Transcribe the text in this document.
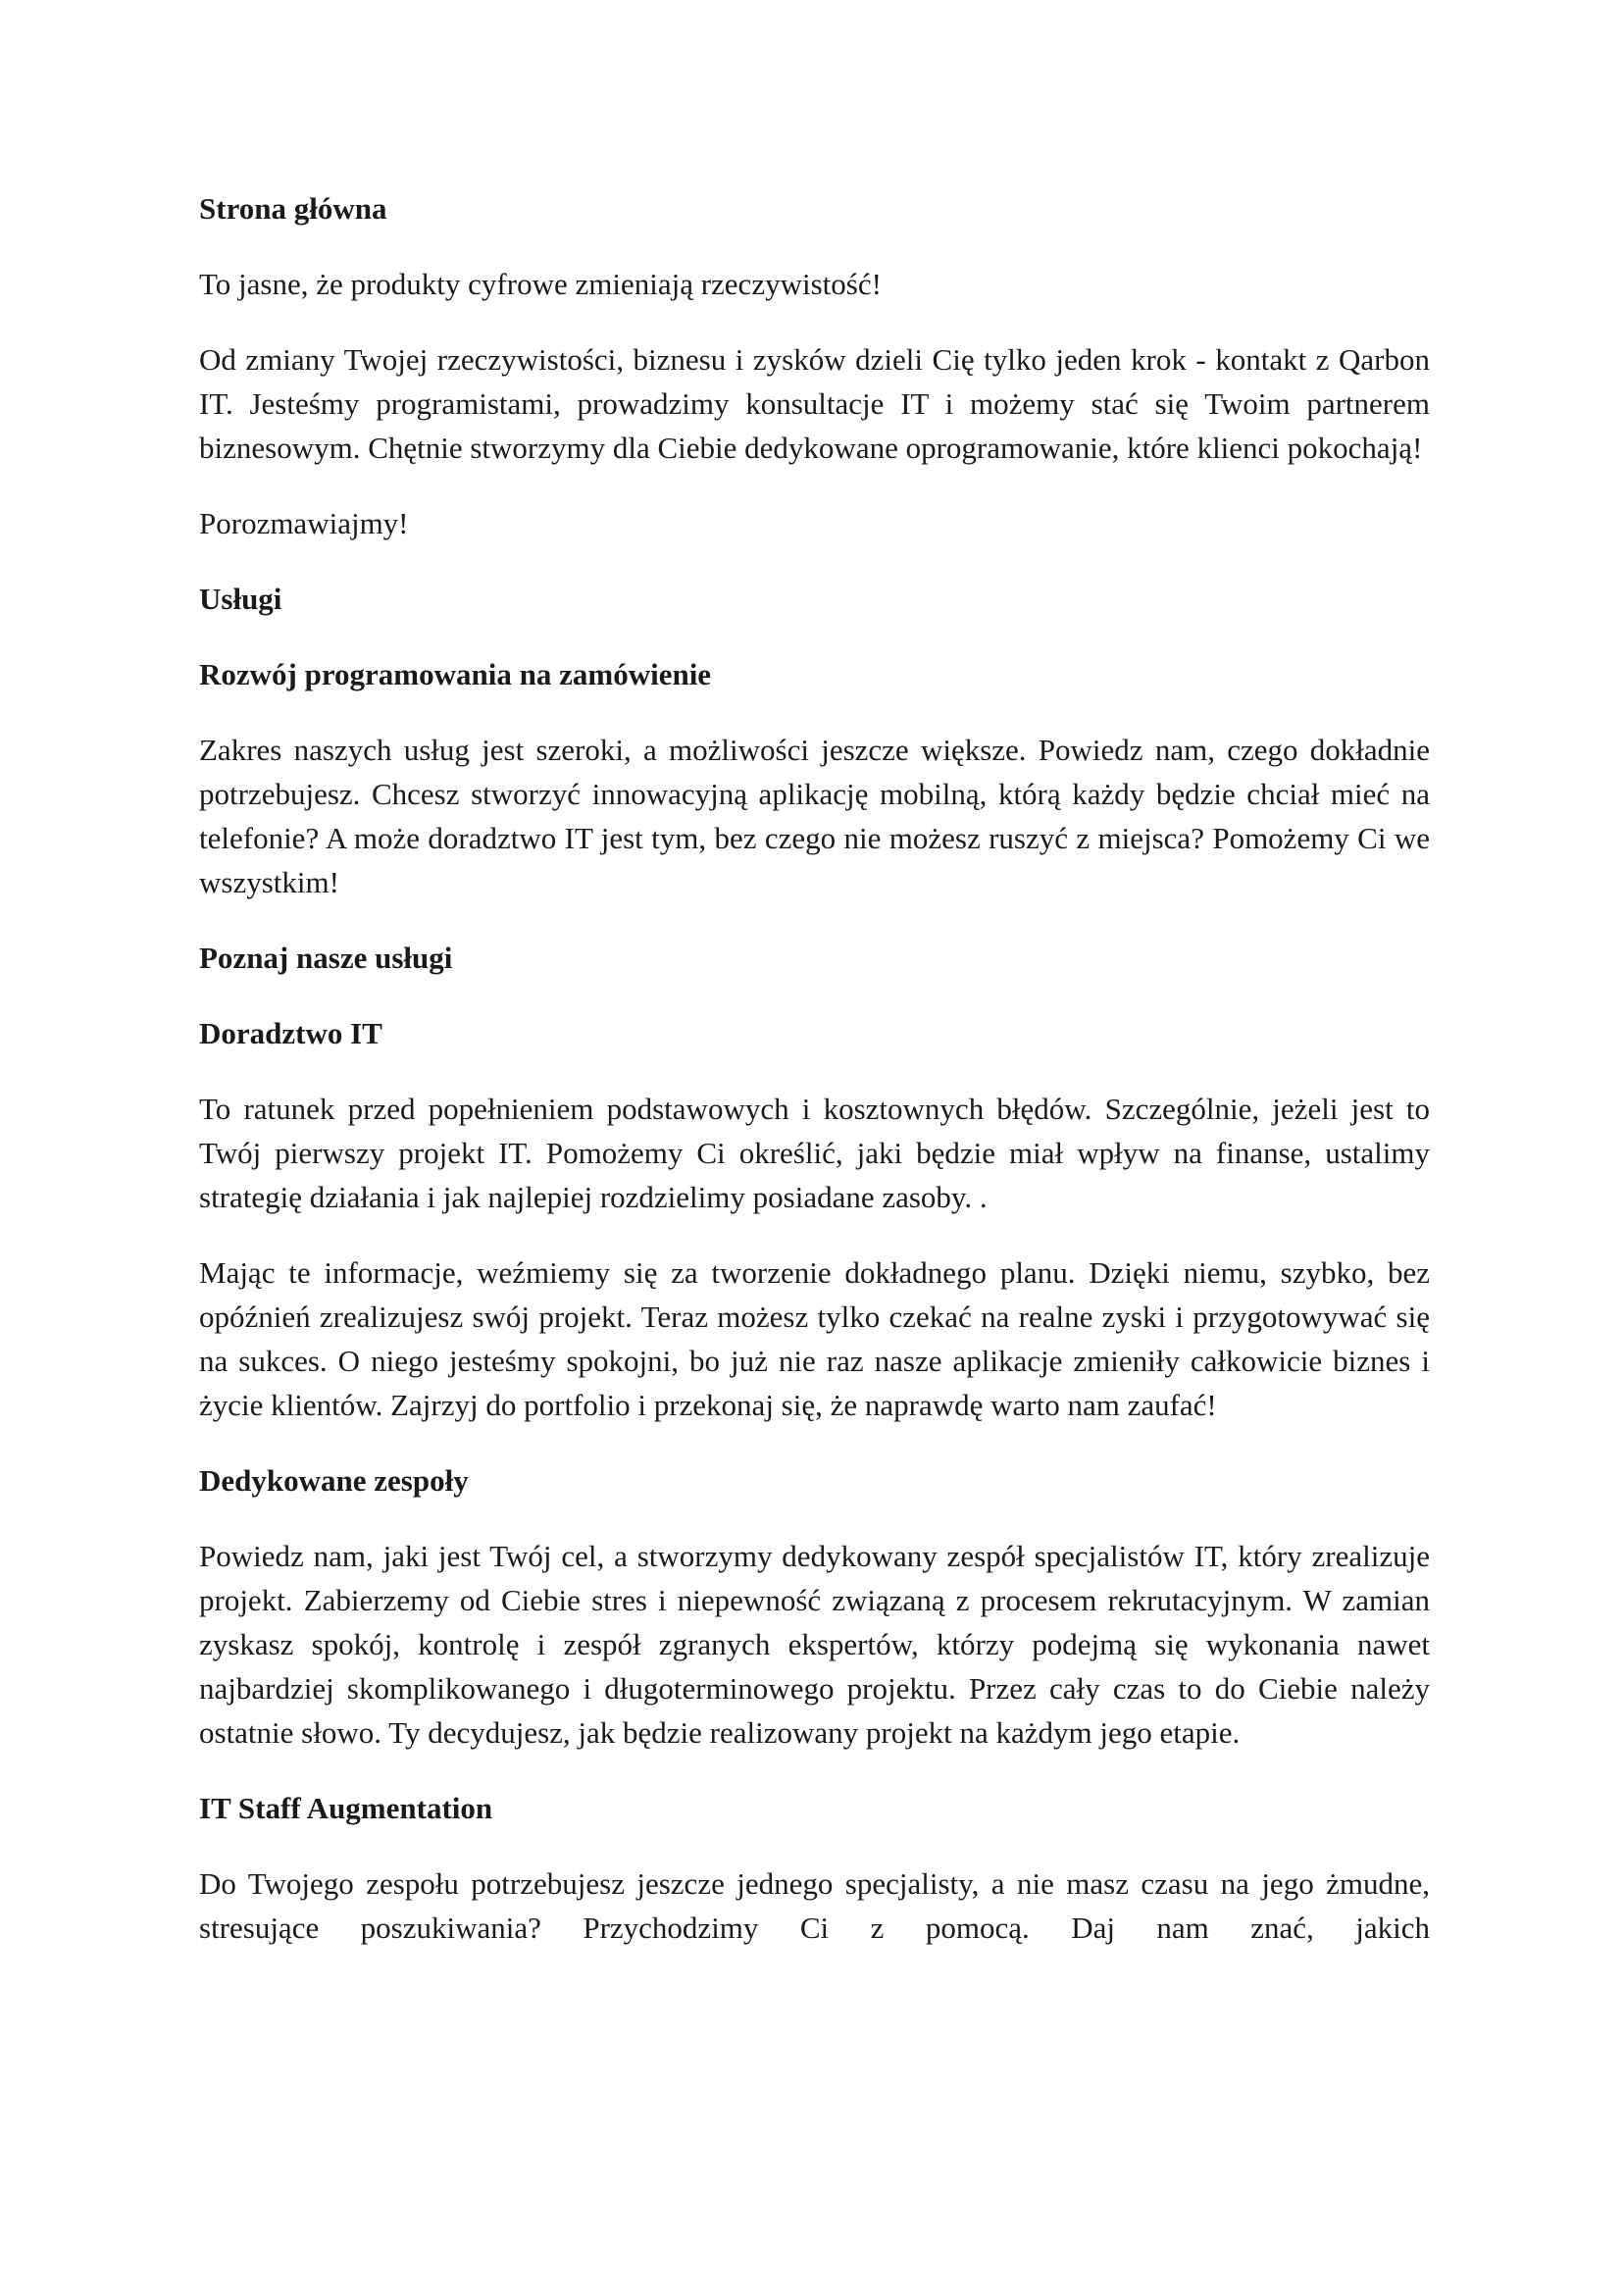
Strona główna

To jasne, że produkty cyfrowe zmieniają rzeczywistość!

Od zmiany Twojej rzeczywistości, biznesu i zysków dzieli Cię tylko jeden krok - kontakt z Qarbon IT. Jesteśmy programistami, prowadzimy konsultacje IT i możemy stać się Twoim partnerem biznesowym. Chętnie stworzymy dla Ciebie dedykowane oprogramowanie, które klienci pokochają!

Porozmawiajmy!

Usługi
Rozwój programowania na zamówienie

Zakres naszych usług jest szeroki, a możliwości jeszcze większe. Powiedz nam, czego dokładnie potrzebujesz. Chcesz stworzyć innowacyjną aplikację mobilną, którą każdy będzie chciał mieć na telefonie? A może doradztwo IT jest tym, bez czego nie możesz ruszyć z miejsca? Pomożemy Ci we wszystkim!

Poznaj nasze usługi
Doradztwo IT

To ratunek przed popełnieniem podstawowych i kosztownych błędów. Szczególnie, jeżeli jest to Twój pierwszy projekt IT. Pomożemy Ci określić, jaki będzie miał wpływ na finanse, ustalimy strategię działania i jak najlepiej rozdzielimy posiadane zasoby. .

Mając te informacje, weźmiemy się za tworzenie dokładnego planu. Dzięki niemu, szybko, bez opóźnień zrealizujesz swój projekt. Teraz możesz tylko czekać na realne zyski i przygotowywać się na sukces. O niego jesteśmy spokojni, bo już nie raz nasze aplikacje zmieniły całkowicie biznes i życie klientów. Zajrzyj do portfolio i przekonaj się, że naprawdę warto nam zaufać!

Dedykowane zespoły

Powiedz nam, jaki jest Twój cel, a stworzymy dedykowany zespół specjalistów IT, który zrealizuje projekt. Zabierzemy od Ciebie stres i niepewność związaną z procesem rekrutacyjnym. W zamian zyskasz spokój, kontrolę i zespół zgranych ekspertów, którzy podejmą się wykonania nawet najbardziej skomplikowanego i długoterminowego projektu. Przez cały czas to do Ciebie należy ostatnie słowo. Ty decydujesz, jak będzie realizowany projekt na każdym jego etapie.

IT Staff Augmentation

Do Twojego zespołu potrzebujesz jeszcze jednego specjalisty, a nie masz czasu na jego żmudne, stresujące poszukiwania? Przychodzimy Ci z pomocą. Daj nam znać, jakich
